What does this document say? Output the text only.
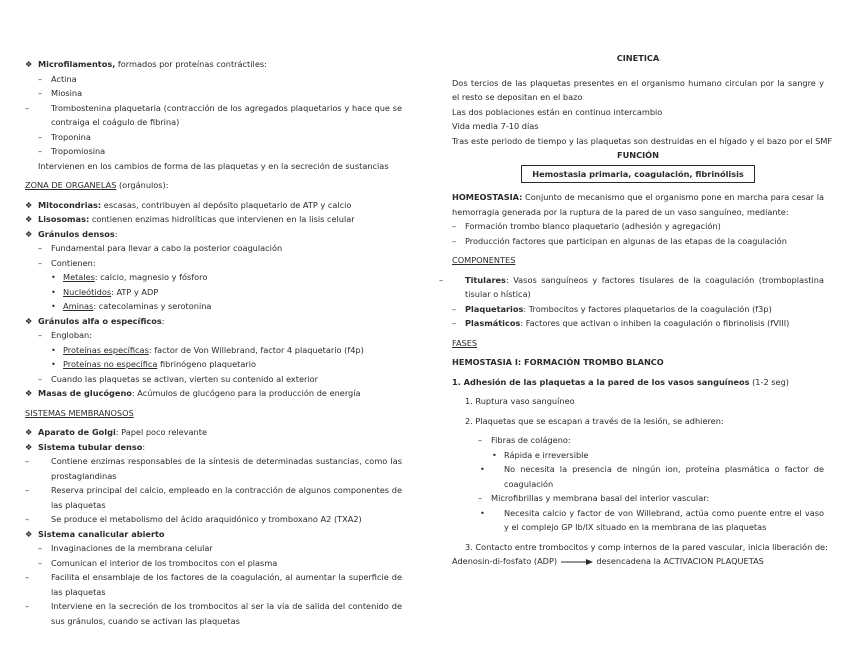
❖ Microfilamentos, formados por proteínas contráctiles:
– Actina
– Miosina
–	Trombostenina plaquetaria (contracción de los agregados plaquetarios y hace que se contraiga el coágulo de fibrina)
– Troponina
– Tropomiosina
Intervienen en los cambios de forma de las plaquetas y en la secreción de sustancias
ZONA DE ORGANELAS (orgánulos):
❖ Mitocondrias: escasas, contribuyen al depósito plaquetario de ATP y calcio
❖ Lisosomas: contienen enzimas hidrolíticas que intervienen en la lisis celular
❖ Gránulos densos:
– Fundamental para llevar a cabo la posterior coagulación
– Contienen:
• Metales: calcio, magnesio y fósforo
• Nucleótidos: ATP y ADP
• Aminas: catecolaminas y serotonina
❖ Gránulos alfa o específicos:
– Engloban:
• Proteínas específicas: factor de Von Willebrand, factor 4 plaquetario (f4p)
• Proteínas no específica fibrinógeno plaquetario
– Cuando las plaquetas se activan, vierten su contenido al exterior
❖ Masas de glucógeno: Acúmulos de glucógeno para la producción de energía
SISTEMAS MEMBRANOSOS
❖ Aparato de Golgi: Papel poco relevante
❖ Sistema tubular denso:
–	Contiene enzimas responsables de la síntesis de determinadas sustancias, como las prostaglandinas
–	Reserva principal del calcio, empleado en la contracción de algunos componentes de las plaquetas
–	Se produce el metabolismo del ácido araquidónico y tromboxano A2 (TXA2)
❖ Sistema canalicular abierto
– Invaginaciones de la membrana celular
– Comunican el interior de los trombocitos con el plasma
–	Facilita el ensamblaje de los factores de la coagulación, al aumentar la superficie de las plaquetas
–	Interviene en la secreción de los trombocitos al ser la vía de salida del contenido de sus gránulos, cuando se activan las plaquetas
CINETICA
Dos tercios de las plaquetas presentes en el organismo humano circulan por la sangre y el resto se depositan en el bazo
Las dos poblaciones están en continuo intercambio
Vida media 7-10 días
Tras este periodo de tiempo y las plaquetas son destruidas en el hígado y el bazo por el SMF
FUNCIÓN
Hemostasia primaria, coagulación, fibrinólisis
HOMEOSTASIA: Conjunto de mecanismo que el organismo pone en marcha para cesar la hemorragia generada por la ruptura de la pared de un vaso sanguíneo, mediante:
– Formación trombo blanco plaquetario (adhesión y agregación)
– Producción factores que participan en algunas de las etapas de la coagulación
COMPONENTES
–	Titulares: Vasos sanguíneos y factores tisulares de la coagulación (tromboplastina tisular o hística)
– Plaquetarios: Trombocitos y factores plaquetarios de la coagulación (f3p)
– Plasmáticos: Factores que activan o inhiben la coagulación o fibrinolisis (fVIII)
FASES
HEMOSTASIA I: FORMACIÓN TROMBO BLANCO
1. Adhesión de las plaquetas a la pared de los vasos sanguíneos (1-2 seg)
1. Ruptura vaso sanguíneo
2. Plaquetas que se escapan a través de la lesión, se adhieren:
– Fibras de colágeno:
• Rápida e irreversible
• No necesita la presencia de ningún ion, proteína plasmática o factor de coagulación
– Microfibrillas y membrana basal del interior vascular:
• Necesita calcio y factor de von Willebrand, actúa como puente entre el vaso y el complejo GP Ib/IX situado en la membrana de las plaquetas
3. Contacto entre trombocitos y comp internos de la pared vascular, inicia liberación de:
Adenosin-di-fosfato (ADP)	desencadena la ACTIVACION PLAQUETAS
